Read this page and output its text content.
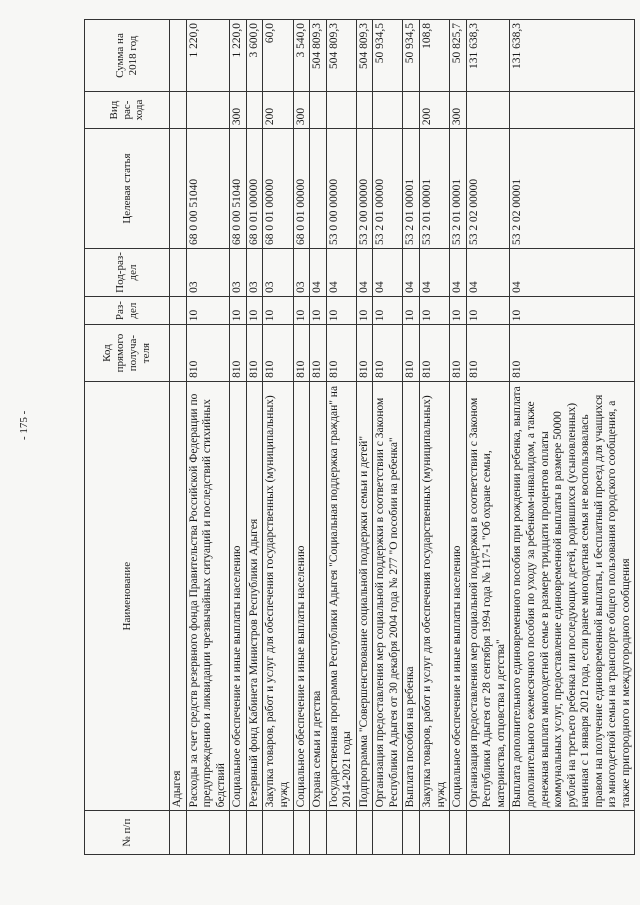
- 175 -
№ п/п	Наименование	Код прямого получа-теля	Раз-дел	Под-раз-дел	Целевая статья	Вид рас-хода	Сумма на 2018 год
	Адыгея						
	Расходы за счет средств резервного фонда Правительства Российской Федерации по предупреждению и ликвидации чрезвычайных ситуаций и последствий стихийных бедствий	810	10	03	68 0 00 51040		1 220,0
	Социальное обеспечение и иные выплаты населению	810	10	03	68 0 00 51040	300	1 220,0
	Резервный фонд Кабинета Министров Республики Адыгея	810	10	03	68 0 01 00000		3 600,0
	Закупка товаров, работ и услуг для обеспечения государственных (муниципальных) нужд	810	10	03	68 0 01 00000	200	60,0
	Социальное обеспечение и иные выплаты населению	810	10	03	68 0 01 00000	300	3 540,0
	Охрана семьи и детства	810	10	04			504 809,3
	Государственная программа Республики Адыгея "Социальная поддержка граждан" на 2014-2021 годы	810	10	04	53 0 00 00000		504 809,3
	Подпрограмма "Совершенствование социальной поддержки семьи и детей"	810	10	04	53 2 00 00000		504 809,3
	Организация предоставления мер социальной поддержки в соответствии с Законом Республики Адыгея от 30 декабря 2004 года № 277 "О пособии на ребенка"	810	10	04	53 2 01 00000		50 934,5
	Выплата пособия на ребенка	810	10	04	53 2 01 00001		50 934,5
	Закупка товаров, работ и услуг для обеспечения государственных (муниципальных) нужд	810	10	04	53 2 01 00001	200	108,8
	Социальное обеспечение и иные выплаты населению	810	10	04	53 2 01 00001	300	50 825,7
	Организация предоставления мер социальной поддержки в соответствии с Законом Республики Адыгея от 28 сентября 1994 года № 117-1 "Об охране семьи, материнства, отцовства и детства"	810	10	04	53 2 02 00000		131 638,3
	Выплата дополнительного единовременного пособия при рождении ребенка, выплата дополнительного ежемесячного пособия по уходу за ребенком-инвалидом, а также денежная выплата многодетной семье в размере тридцати процентов оплаты коммунальных услуг, предоставление единовременной выплаты в размере 50000 рублей на третьего ребенка или последующих детей, родившихся (усыновленных) начиная с 1 января 2012 года, если ранее многодетная семья не воспользовалась правом на получение единовременной выплаты, и бесплатный проезд для учащихся из многодетной семьи на транспорте общего пользования городского сообщения, а также пригородного и междугородного сообщения	810	10	04	53 2 02 00001		131 638,3
